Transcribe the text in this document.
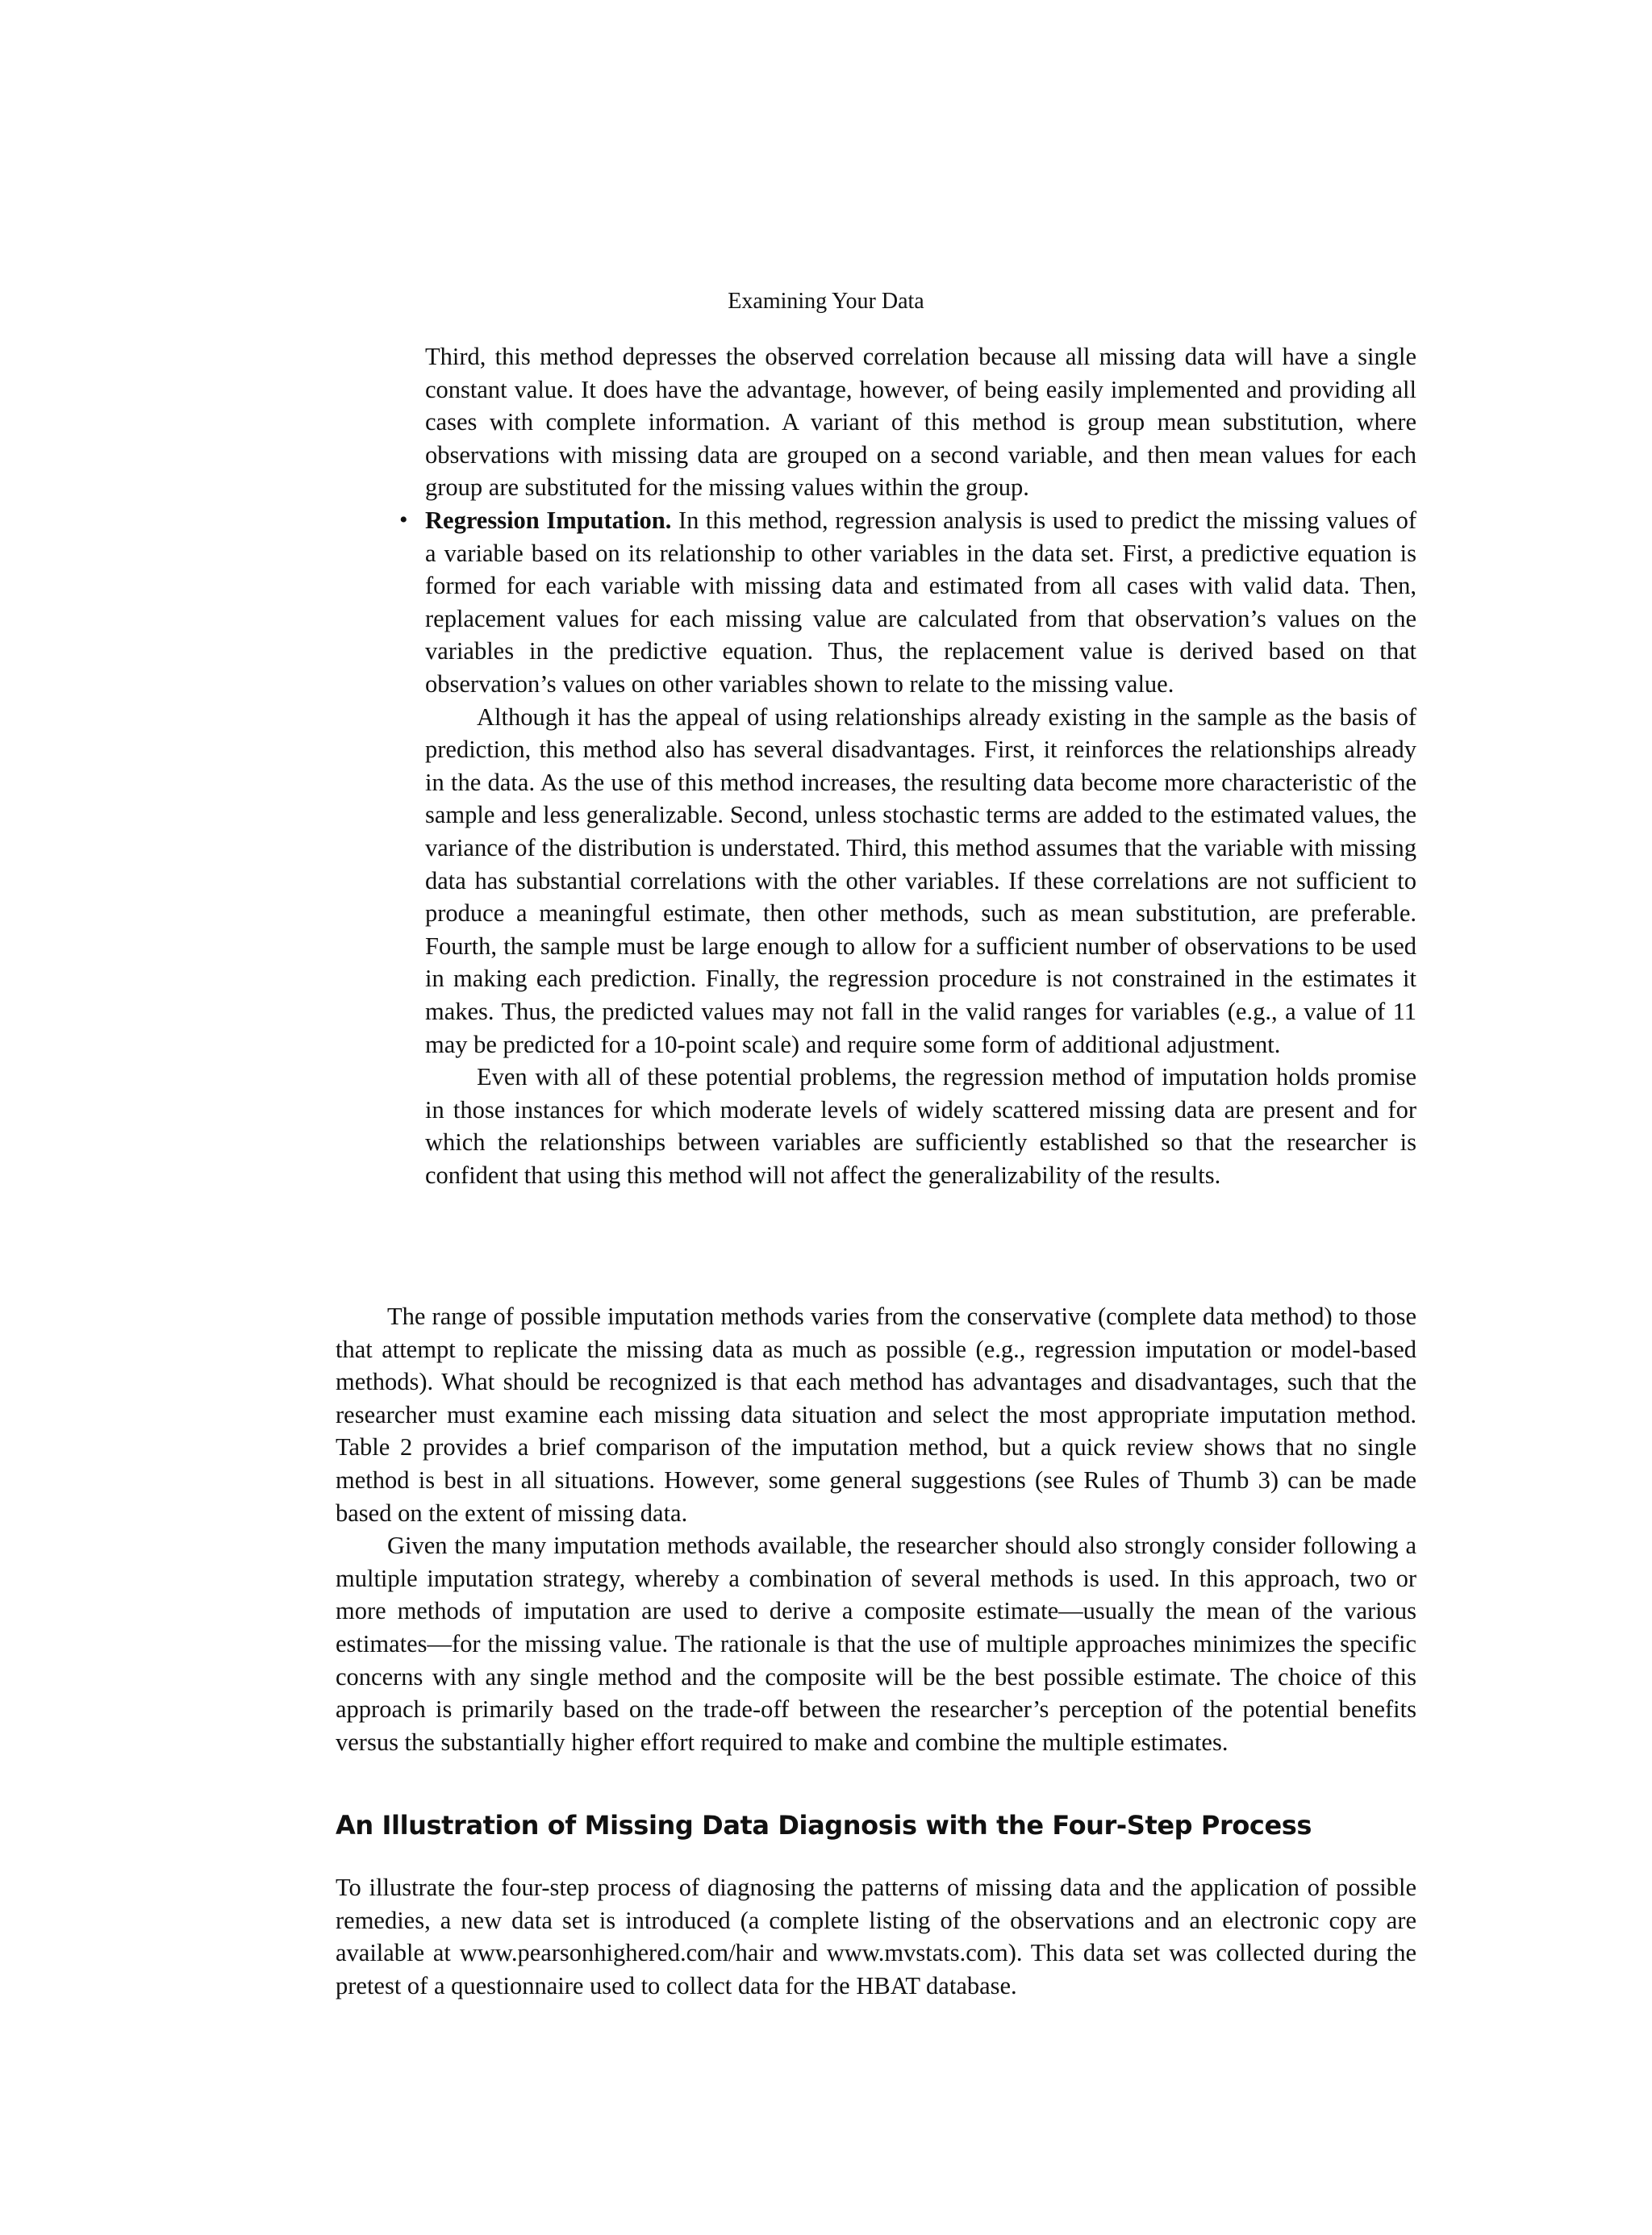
Examining Your Data

Third, this method depresses the observed correlation because all missing data will have a single constant value. It does have the advantage, however, of being easily implemented and providing all cases with complete information. A variant of this method is group mean substitution, where observations with missing data are grouped on a second variable, and then mean values for each group are substituted for the missing values within the group.

• Regression Imputation. In this method, regression analysis is used to predict the missing values of a variable based on its relationship to other variables in the data set. First, a predictive equation is formed for each variable with missing data and estimated from all cases with valid data. Then, replacement values for each missing value are calculated from that observation’s values on the variables in the predictive equation. Thus, the replacement value is derived based on that observation’s values on other variables shown to relate to the missing value.

Although it has the appeal of using relationships already existing in the sample as the basis of prediction, this method also has several disadvantages. First, it reinforces the relationships already in the data. As the use of this method increases, the resulting data become more characteristic of the sample and less generalizable. Second, unless stochastic terms are added to the estimated values, the variance of the distribution is understated. Third, this method assumes that the variable with missing data has substantial correlations with the other variables. If these correlations are not sufficient to produce a meaningful estimate, then other methods, such as mean substitution, are preferable. Fourth, the sample must be large enough to allow for a sufficient number of observations to be used in making each prediction. Finally, the regression procedure is not constrained in the estimates it makes. Thus, the predicted values may not fall in the valid ranges for variables (e.g., a value of 11 may be predicted for a 10-point scale) and require some form of additional adjustment.

Even with all of these potential problems, the regression method of imputation holds promise in those instances for which moderate levels of widely scattered missing data are present and for which the relationships between variables are sufficiently established so that the researcher is confident that using this method will not affect the generalizability of the results.

The range of possible imputation methods varies from the conservative (complete data method) to those that attempt to replicate the missing data as much as possible (e.g., regression imputation or model-based methods). What should be recognized is that each method has advantages and disadvantages, such that the researcher must examine each missing data situation and select the most appropriate imputation method. Table 2 provides a brief comparison of the imputation method, but a quick review shows that no single method is best in all situations. However, some general suggestions (see Rules of Thumb 3) can be made based on the extent of missing data.

Given the many imputation methods available, the researcher should also strongly consider following a multiple imputation strategy, whereby a combination of several methods is used. In this approach, two or more methods of imputation are used to derive a composite estimate—usually the mean of the various estimates—for the missing value. The rationale is that the use of multiple approaches minimizes the specific concerns with any single method and the composite will be the best possible estimate. The choice of this approach is primarily based on the trade-off between the researcher’s perception of the potential benefits versus the substantially higher effort required to make and combine the multiple estimates.

An Illustration of Missing Data Diagnosis with the Four-Step Process

To illustrate the four-step process of diagnosing the patterns of missing data and the application of possible remedies, a new data set is introduced (a complete listing of the observations and an electronic copy are available at www.pearsonhighered.com/hair and www.mvstats.com). This data set was collected during the pretest of a questionnaire used to collect data for the HBAT database.
